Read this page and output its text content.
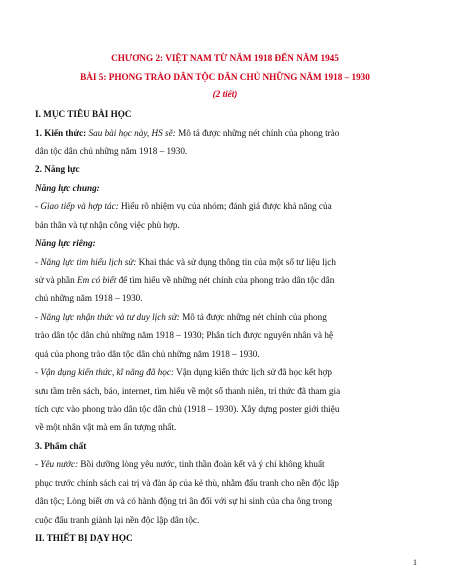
CHƯƠNG 2: VIỆT NAM TỪ NĂM 1918 ĐẾN NĂM 1945
BÀI 5: PHONG TRÀO DÂN TỘC DÂN CHỦ NHỮNG NĂM 1918 – 1930
(2 tiết)
I. MỤC TIÊU BÀI HỌC
1. Kiến thức: Sau bài học này, HS sẽ: Mô tả được những nét chính của phong trào
dân tộc dân chủ những năm 1918 – 1930.
2. Năng lực
Năng lực chung:
- Giao tiếp và hợp tác: Hiểu rõ nhiệm vụ của nhóm; đánh giá được khả năng của
bản thân và tự nhận công việc phù hợp.
Năng lực riêng:
- Năng lực tìm hiểu lịch sử: Khai thác và sử dụng thông tin của một số tư liệu lịch
sử và phần Em có biết để tìm hiểu về những nét chính của phong trào dân tộc dân
chủ những năm 1918 – 1930.
- Năng lực nhận thức và tư duy lịch sử: Mô tả được những nét chính của phong
trào dân tộc dân chủ những năm 1918 – 1930; Phân tích được nguyên nhân và hệ
quả của phong trào dân tộc dân chủ những năm 1918 – 1930.
- Vận dụng kiến thức, kĩ năng đã học: Vận dụng kiến thức lịch sử đã học kết hợp
sưu tầm trên sách, báo, internet, tìm hiểu về một số thanh niên, trí thức đã tham gia
tích cực vào phong trào dân tộc dân chủ (1918 – 1930). Xây dựng poster giới thiệu
về một nhân vật mà em ấn tượng nhất.
3. Phẩm chất
- Yêu nước: Bồi dưỡng lòng yêu nước, tinh thần đoàn kết và ý chí không khuất
phục trước chính sách cai trị và đàn áp của kẻ thù, nhằm đấu tranh cho nền độc lập
dân tộc; Lòng biết ơn và có hành động tri ân đối với sự hi sinh của cha ông trong
cuộc đấu tranh giành lại nền độc lập dân tộc.
II. THIẾT BỊ DẠY HỌC
1
